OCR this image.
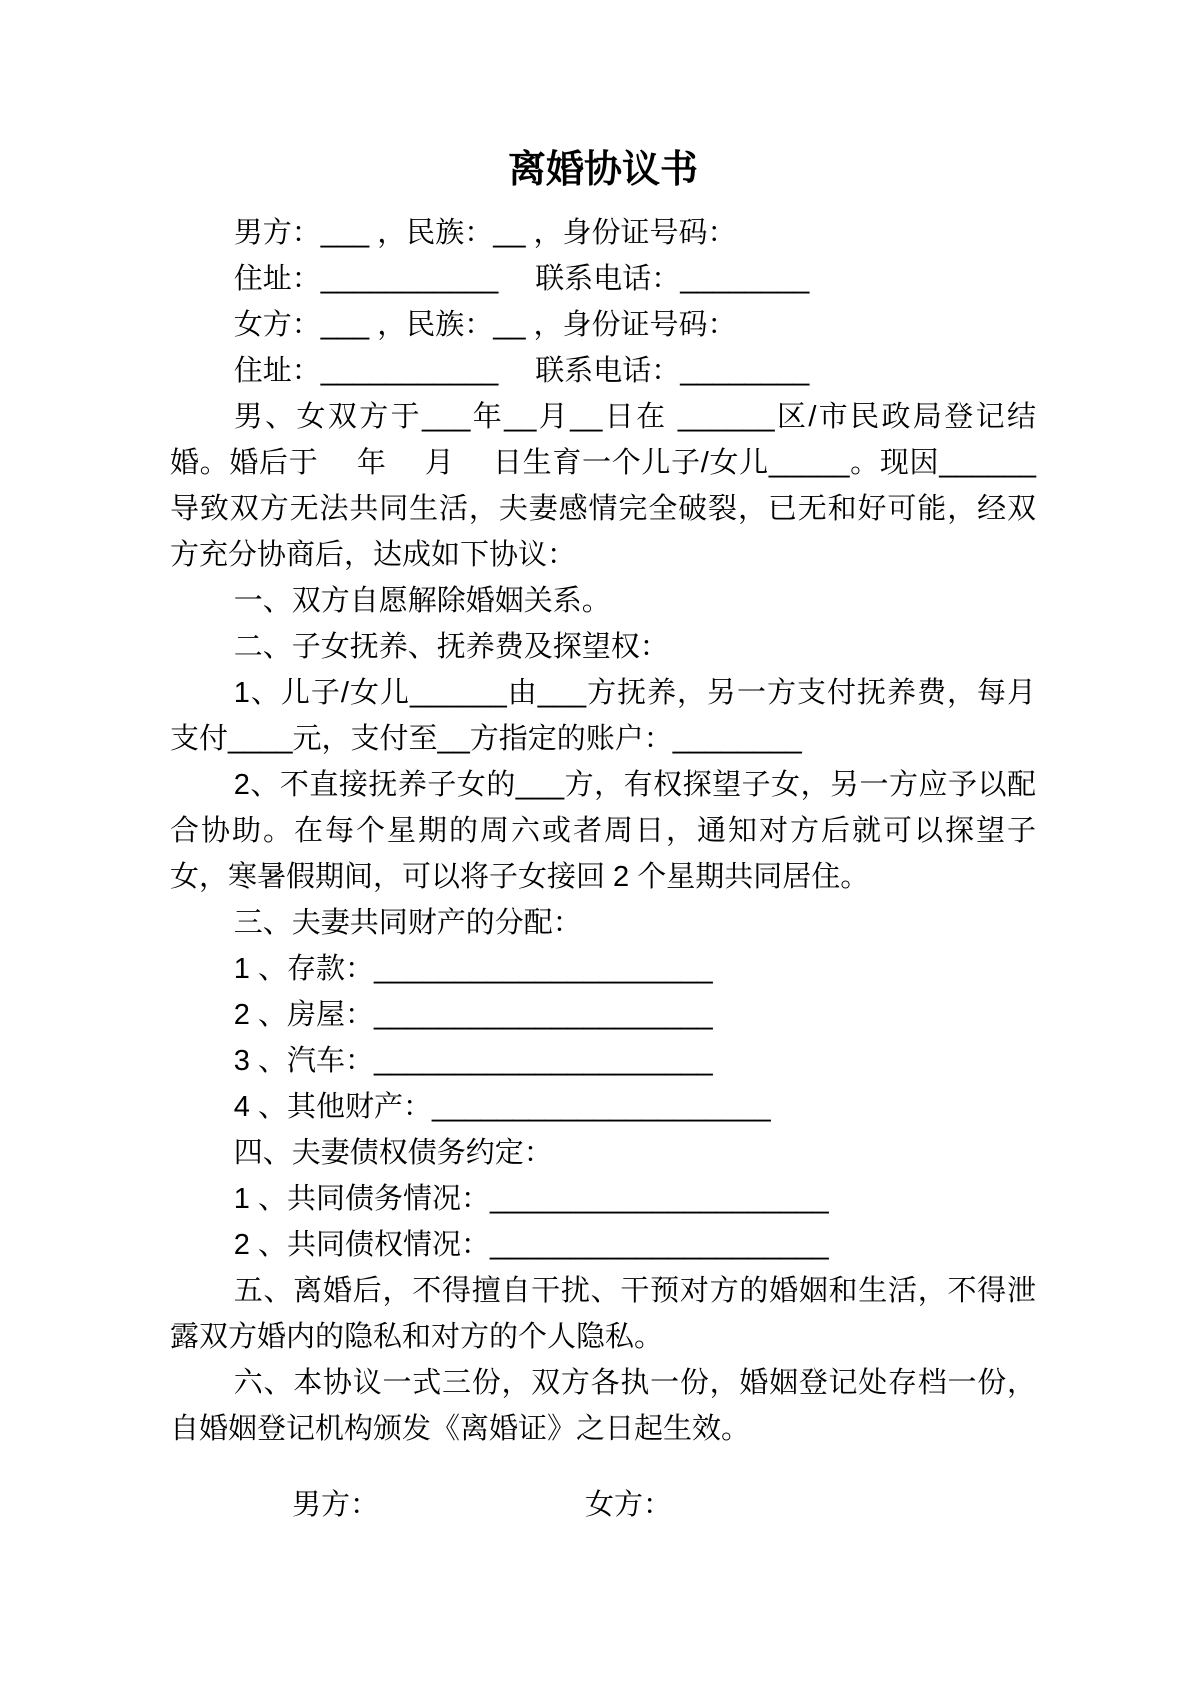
离婚协议书

男方：___ ，民族：__ ，身份证号码：

住址：___________　 联系电话：________

女方：___ ，民族：__ ，身份证号码：

住址：___________　 联系电话：________

男、女双方于___年__月__日在 ______区/市民政局登记结婚。婚后于　 年　 月　 日生育一个儿子/女儿_____。现因______导致双方无法共同生活，夫妻感情完全破裂，已无和好可能，经双方充分协商后，达成如下协议：

一、双方自愿解除婚姻关系。

二、子女抚养、抚养费及探望权：

1、儿子/女儿______由___方抚养，另一方支付抚养费，每月支付____元，支付至__方指定的账户：________

2、不直接抚养子女的___方，有权探望子女，另一方应予以配合协助。在每个星期的周六或者周日，通知对方后就可以探望子女，寒暑假期间，可以将子女接回 2 个星期共同居住。

三、夫妻共同财产的分配：

1 、存款：_____________________

2 、房屋：_____________________

3 、汽车：_____________________

4 、其他财产：_____________________

四、夫妻债权债务约定：

1 、共同债务情况：_____________________

2 、共同债权情况：_____________________

五、离婚后，不得擅自干扰、干预对方的婚姻和生活，不得泄露双方婚内的隐私和对方的个人隐私。

六、本协议一式三份，双方各执一份，婚姻登记处存档一份，自婚姻登记机构颁发《离婚证》之日起生效。

男方：	女方：
